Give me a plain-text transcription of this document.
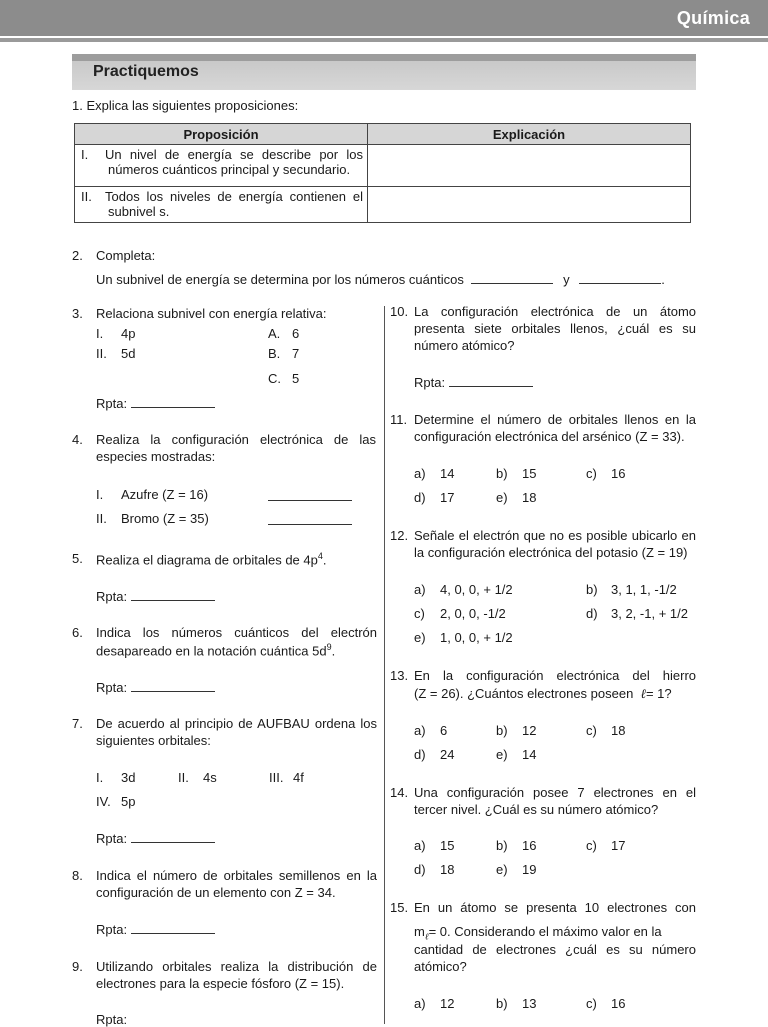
Química
Practiquemos
1. Explica las siguientes proposiciones:
Proposición	Explicación

I. Un nivel de energía se describe por los
números cuánticos principal y secundario.	

II. Todos los niveles de energía contienen el
subnivel s.	

2. Completa:
Un subnivel de energía se determina por los números cuánticos	y	.
3. Relaciona subnivel con energía relativa:
I. 4p
II. 5d
A. 6
B. 7
C. 5
Rpta:
4. Realiza la configuración electrónica de las
especies mostradas:
I. Azufre (Z = 16)
II. Bromo (Z = 35)
5. Realiza el diagrama de orbitales de $4p^4$.
Rpta:
6. Indica los números cuánticos del electrón
desapareado en la notación cuántica $5d^9$.
Rpta:
7. De acuerdo al principio de AUFBAU ordena los
siguientes orbitales:
I. 3d	II. 4s	III. 4f
IV. 5p
Rpta:
8. Indica el número de orbitales semillenos en la
configuración de un elemento con Z = 34.
Rpta:
9. Utilizando orbitales realiza la distribución de
electrones para la especie fósforo (Z = 15).
Rpta:
10. La configuración electrónica de un átomo
presenta siete orbitales llenos, ¿cuál es su
número atómico?
Rpta:
11. Determine el número de orbitales llenos en la
configuración electrónica del arsénico (Z = 33).
a) 14	b) 15	c) 16
d) 17	e) 18
12. Señale el electrón que no es posible ubicarlo en
la configuración electrónica del potasio (Z = 19)
a) 4, 0, 0, + 1/2	b) 3, 1, 1, -1/2
c) 2, 0, 0, -1/2	d) 3, 2, -1, + 1/2
e) 1, 0, 0, + 1/2
13. En la configuración electrónica del hierro
(Z = 26). ¿Cuántos electrones poseen ℓ= 1?
a) 6	b) 12	c) 18
d) 24	e) 14
14. Una configuración posee 7 electrones en el
tercer nivel. ¿Cuál es su número atómico?
a) 15	b) 16	c) 17
d) 18	e) 19
15. En un átomo se presenta 10 electrones con
$m_\ell= 0$. Considerando el máximo valor en la
cantidad de electrones ¿cuál es su número
atómico?
a) 12	b) 13	c) 16
